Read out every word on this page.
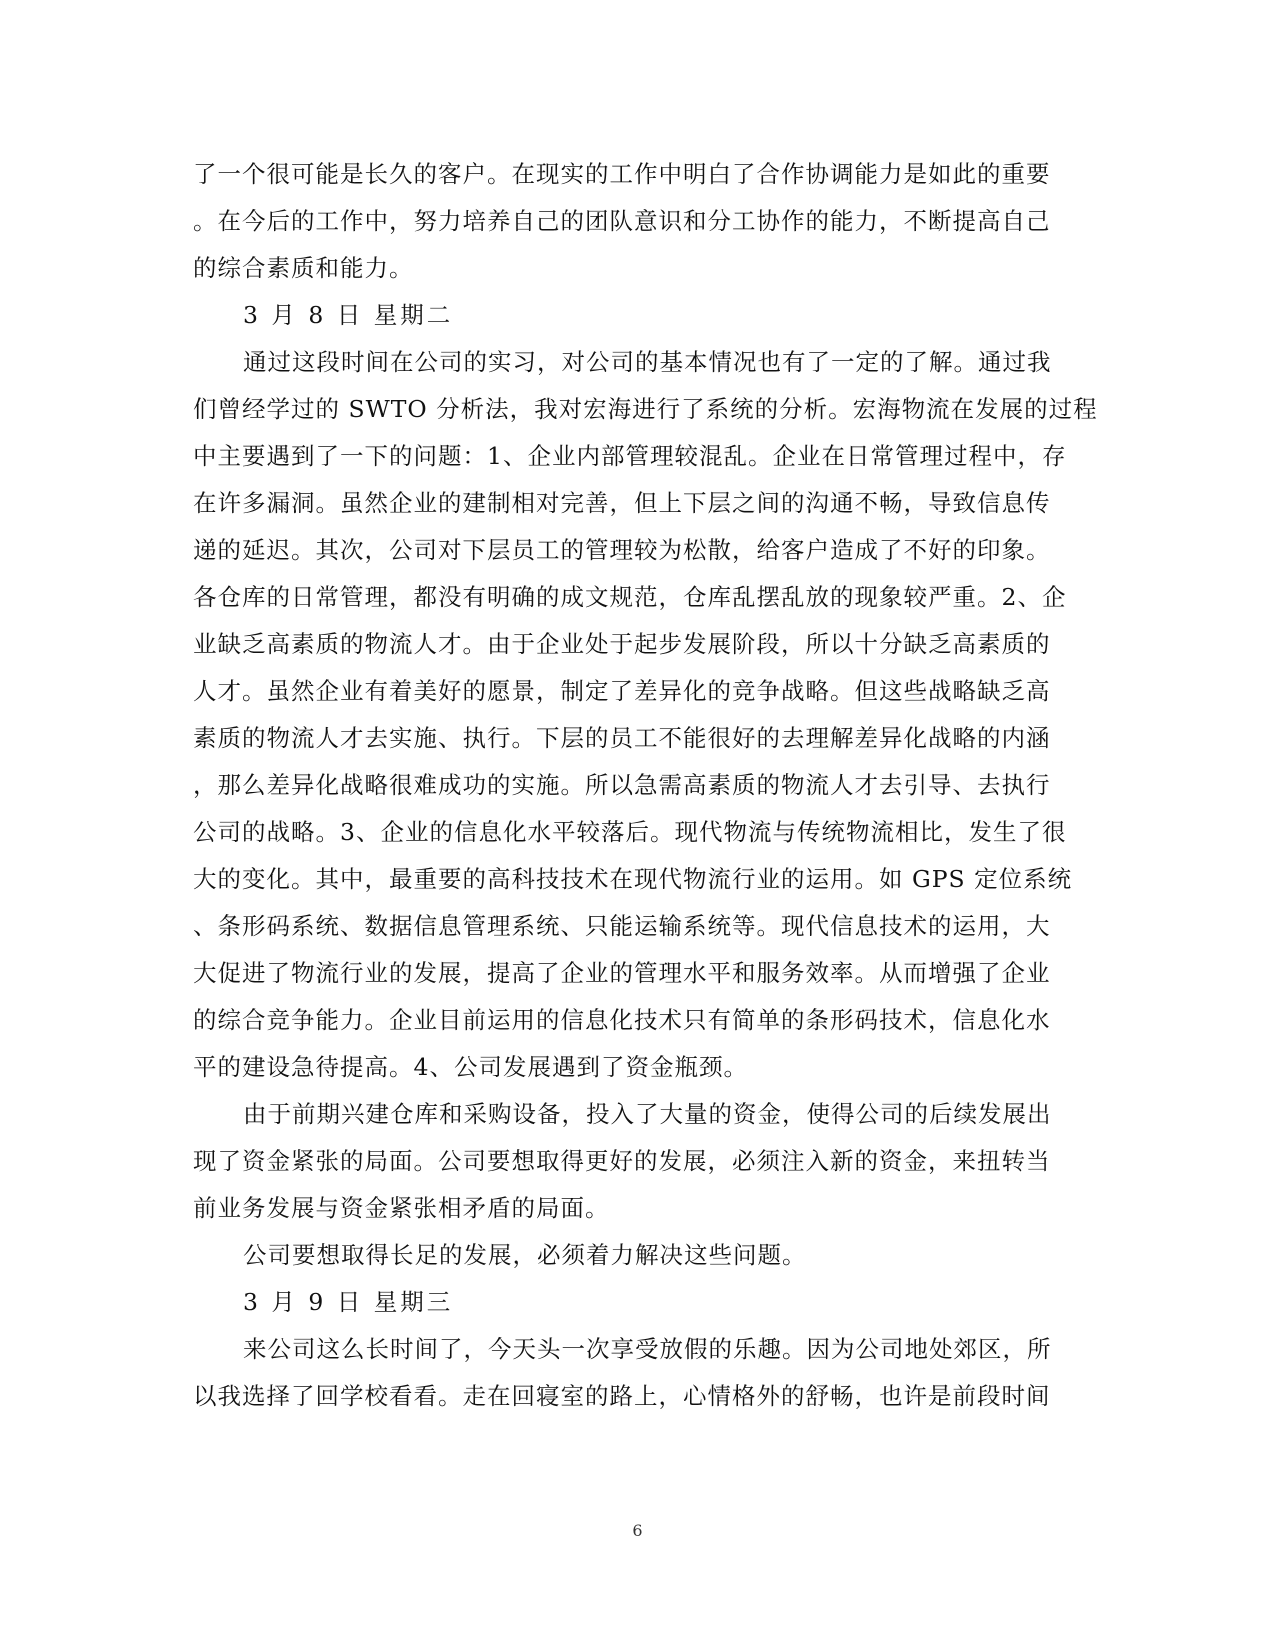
了一个很可能是长久的客户。在现实的工作中明白了合作协调能力是如此的重要
。在今后的工作中，努力培养自己的团队意识和分工协作的能力，不断提高自己
的综合素质和能力。
3 月 8 日 星期二
通过这段时间在公司的实习，对公司的基本情况也有了一定的了解。通过我
们曾经学过的 SWTO 分析法，我对宏海进行了系统的分析。宏海物流在发展的过程
中主要遇到了一下的问题：1、企业内部管理较混乱。企业在日常管理过程中，存
在许多漏洞。虽然企业的建制相对完善，但上下层之间的沟通不畅，导致信息传
递的延迟。其次，公司对下层员工的管理较为松散，给客户造成了不好的印象。
各仓库的日常管理，都没有明确的成文规范，仓库乱摆乱放的现象较严重。2、企
业缺乏高素质的物流人才。由于企业处于起步发展阶段，所以十分缺乏高素质的
人才。虽然企业有着美好的愿景，制定了差异化的竞争战略。但这些战略缺乏高
素质的物流人才去实施、执行。下层的员工不能很好的去理解差异化战略的内涵
，那么差异化战略很难成功的实施。所以急需高素质的物流人才去引导、去执行
公司的战略。3、企业的信息化水平较落后。现代物流与传统物流相比，发生了很
大的变化。其中，最重要的高科技技术在现代物流行业的运用。如 GPS 定位系统
、条形码系统、数据信息管理系统、只能运输系统等。现代信息技术的运用，大
大促进了物流行业的发展，提高了企业的管理水平和服务效率。从而增强了企业
的综合竞争能力。企业目前运用的信息化技术只有简单的条形码技术，信息化水
平的建设急待提高。4、公司发展遇到了资金瓶颈。
由于前期兴建仓库和采购设备，投入了大量的资金，使得公司的后续发展出
现了资金紧张的局面。公司要想取得更好的发展，必须注入新的资金，来扭转当
前业务发展与资金紧张相矛盾的局面。
公司要想取得长足的发展，必须着力解决这些问题。
3 月 9 日 星期三
来公司这么长时间了，今天头一次享受放假的乐趣。因为公司地处郊区，所
以我选择了回学校看看。走在回寝室的路上，心情格外的舒畅，也许是前段时间
6
